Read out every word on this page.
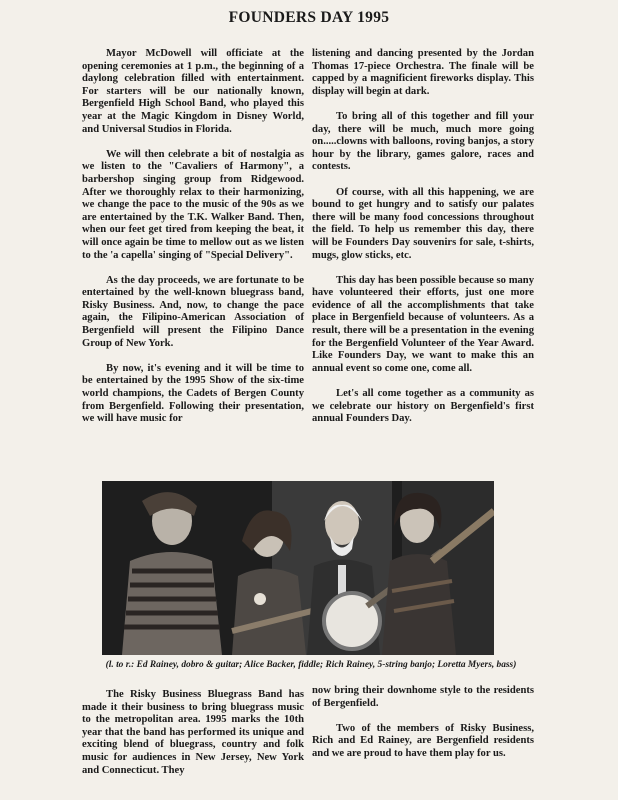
FOUNDERS DAY 1995

Mayor McDowell will officiate at the opening ceremonies at 1 p.m., the beginning of a daylong celebration filled with entertainment. For starters will be our nationally known, Bergenfield High School Band, who played this year at the Magic Kingdom in Disney World, and Universal Studios in Florida.

We will then celebrate a bit of nostalgia as we listen to the "Cavaliers of Harmony", a barbershop singing group from Ridgewood. After we thoroughly relax to their harmonizing, we change the pace to the music of the 90s as we are entertained by the T.K. Walker Band. Then, when our feet get tired from keeping the beat, it will once again be time to mellow out as we listen to the 'a capella' singing of "Special Delivery".

As the day proceeds, we are fortunate to be entertained by the well-known bluegrass band, Risky Business. And, now, to change the pace again, the Filipino-American Association of Bergenfield will present the Filipino Dance Group of New York.

By now, it's evening and it will be time to be entertained by the 1995 Show of the six-time world champions, the Cadets of Bergen County from Bergenfield. Following their presentation, we will have music for

listening and dancing presented by the Jordan Thomas 17-piece Orchestra. The finale will be capped by a magnificient fireworks display. This display will begin at dark.

To bring all of this together and fill your day, there will be much, much more going on.....clowns with balloons, roving banjos, a story hour by the library, games galore, races and contests.

Of course, with all this happening, we are bound to get hungry and to satisfy our palates there will be many food concessions throughout the field. To help us remember this day, there will be Founders Day souvenirs for sale, t-shirts, mugs, glow sticks, etc.

This day has been possible because so many have volunteered their efforts, just one more evidence of all the accomplishments that take place in Bergenfield because of volunteers. As a result, there will be a presentation in the evening for the Bergenfield Volunteer of the Year Award. Like Founders Day, we want to make this an annual event so come one, come all.

Let's all come together as a community as we celebrate our history on Bergenfield's first annual Founders Day.

(l. to r.: Ed Rainey, dobro & guitar; Alice Backer, fiddle; Rich Rainey, 5-string banjo; Loretta Myers, bass)

The Risky Business Bluegrass Band has made it their business to bring bluegrass music to the metropolitan area. 1995 marks the 10th year that the band has performed its unique and exciting blend of bluegrass, country and folk music for audiences in New Jersey, New York and Connecticut. They

now bring their downhome style to the residents of Bergenfield.

Two of the members of Risky Business, Rich and Ed Rainey, are Bergenfield residents and we are proud to have them play for us.
